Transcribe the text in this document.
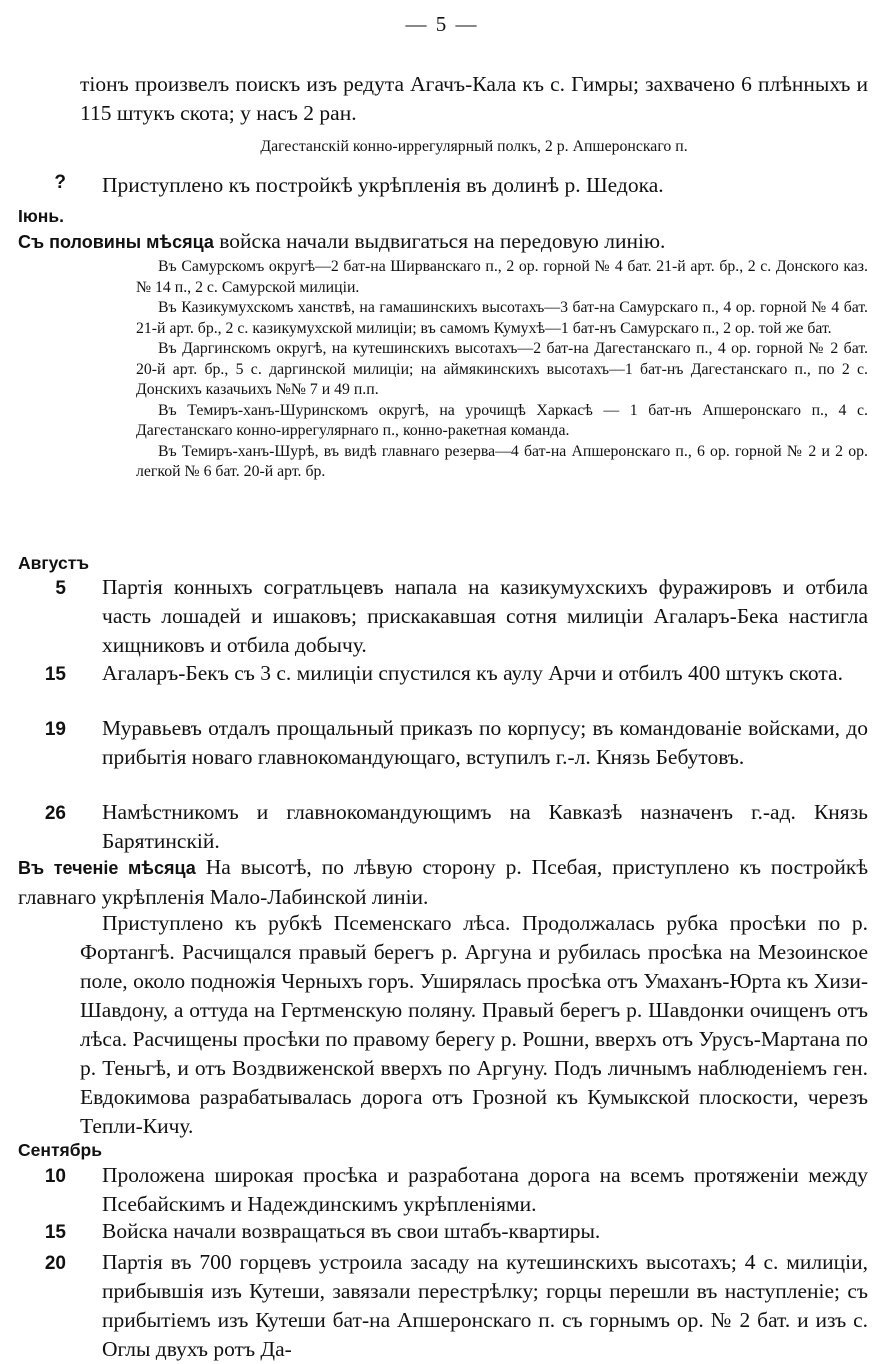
— 5 —

тіонъ произвелъ поискъ изъ редута Агачъ-Кала къ с. Гимры; захвачено 6 плѣнныхъ и 115 штукъ скота; у насъ 2 ран.

Дагестанскій конно-иррегулярный полкъ, 2 р. Апшеронскаго п.

? Приступлено къ постройкѣ укрѣпленія въ долинѣ р. Шедока.

Іюнь.

Съ половины мѣсяца войска начали выдвигаться на передовую линію.

Въ Самурскомъ округѣ—2 бат-на Ширванскаго п., 2 ор. горной № 4 бат. 21-й арт. бр., 2 с. Донского каз. № 14 п., 2 с. Самурской милиціи.

Въ Казикумухскомъ ханствѣ, на гамашинскихъ высотахъ—3 бат-на Самурскаго п., 4 ор. горной № 4 бат. 21-й арт. бр., 2 с. казикумухской милиціи; въ самомъ Кумухѣ—1 бат-нъ Самурскаго п., 2 ор. той же бат.

Въ Даргинскомъ округѣ, на кутешинскихъ высотахъ—2 бат-на Дагестанскаго п., 4 ор. горной № 2 бат. 20-й арт. бр., 5 с. даргинской милиціи; на аймякинскихъ высотахъ—1 бат-нъ Дагестанскаго п., по 2 с. Донскихъ казачьихъ №№ 7 и 49 п.п.

Въ Темиръ-ханъ-Шуринскомъ округѣ, на урочищѣ Харкасѣ — 1 бат-нъ Апшеронскаго п., 4 с. Дагестанскаго конно-иррегулярнаго п., конно-ракетная команда.

Въ Темиръ-ханъ-Шурѣ, въ видѣ главнаго резерва—4 бат-на Апшеронскаго п., 6 ор. горной № 2 и 2 ор. легкой № 6 бат. 20-й арт. бр.

Августъ
5 Партія конныхъ согратльцевъ напала на казикумухскихъ фуражировъ и отбила часть лошадей и ишаковъ; прискакавшая сотня милиціи Агаларъ-Бека настигла хищниковъ и отбила добычу.

15 Агаларъ-Бекъ съ 3 с. милиціи спустился къ аулу Арчи и отбилъ 400 штукъ скота.

19 Муравьевъ отдалъ прощальный приказъ по корпусу; въ командованіе войсками, до прибытія новаго главнокомандующаго, вступилъ г.-л. Князь Бебутовъ.

26 Намѣстникомъ и главнокомандующимъ на Кавказѣ назначенъ г.-ад. Князь Барятинскій.

Въ теченіе мѣсяца На высотѣ, по лѣвую сторону р. Псебая, приступлено къ постройкѣ главнаго укрѣпленія Мало-Лабинской линіи.

Приступлено къ рубкѣ Псеменскаго лѣса. Продолжалась рубка просѣки по р. Фортангѣ. Расчищался правый берегъ р. Аргуна и рубилась просѣка на Мезоинское поле, около подножія Черныхъ горъ. Уширялась просѣка отъ Умаханъ-Юрта къ Хизи-Шавдону, а оттуда на Гертменскую поляну. Правый берегъ р. Шавдонки очищенъ отъ лѣса. Расчищены просѣки по правому берегу р. Рошни, вверхъ отъ Урусъ-Мартана по р. Теньгѣ, и отъ Воздвиженской вверхъ по Аргуну. Подъ личнымъ наблюденіемъ ген. Евдокимова разрабатывалась дорога отъ Грозной къ Кумыкской плоскости, черезъ Тепли-Кичу.

Сентябрь
10 Проложена широкая просѣка и разработана дорога на всемъ протяженіи между Псебайскимъ и Надеждинскимъ укрѣпленіями.

15 Войска начали возвращаться въ свои штабъ-квартиры.

20 Партія въ 700 горцевъ устроила засаду на кутешинскихъ высотахъ; 4 с. милиціи, прибывшія изъ Кутеши, завязали перестрѣлку; горцы перешли въ наступленіе; съ прибытіемъ изъ Кутеши бат-на Апшеронскаго п. съ горнымъ ор. № 2 бат. и изъ с. Оглы двухъ ротъ Да-
